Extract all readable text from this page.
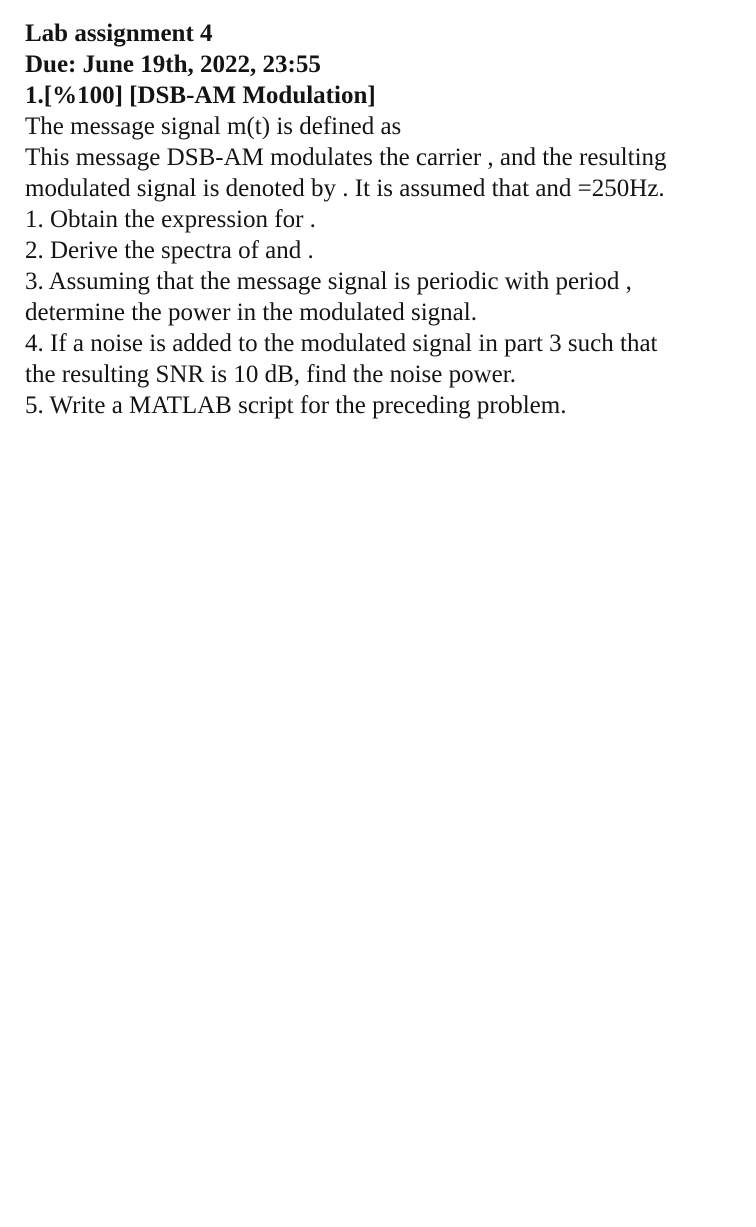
Lab assignment 4

Due: June 19th, 2022, 23:55

1.[%100] [DSB-AM Modulation]

The message signal m(t) is defined as

This message DSB-AM modulates the carrier , and the resulting

modulated signal is denoted by . It is assumed that and =250Hz.

1. Obtain the expression for .

2. Derive the spectra of and .

3. Assuming that the message signal is periodic with period ,

determine the power in the modulated signal.

4. If a noise is added to the modulated signal in part 3 such that

the resulting SNR is 10 dB, find the noise power.

5. Write a MATLAB script for the preceding problem.
